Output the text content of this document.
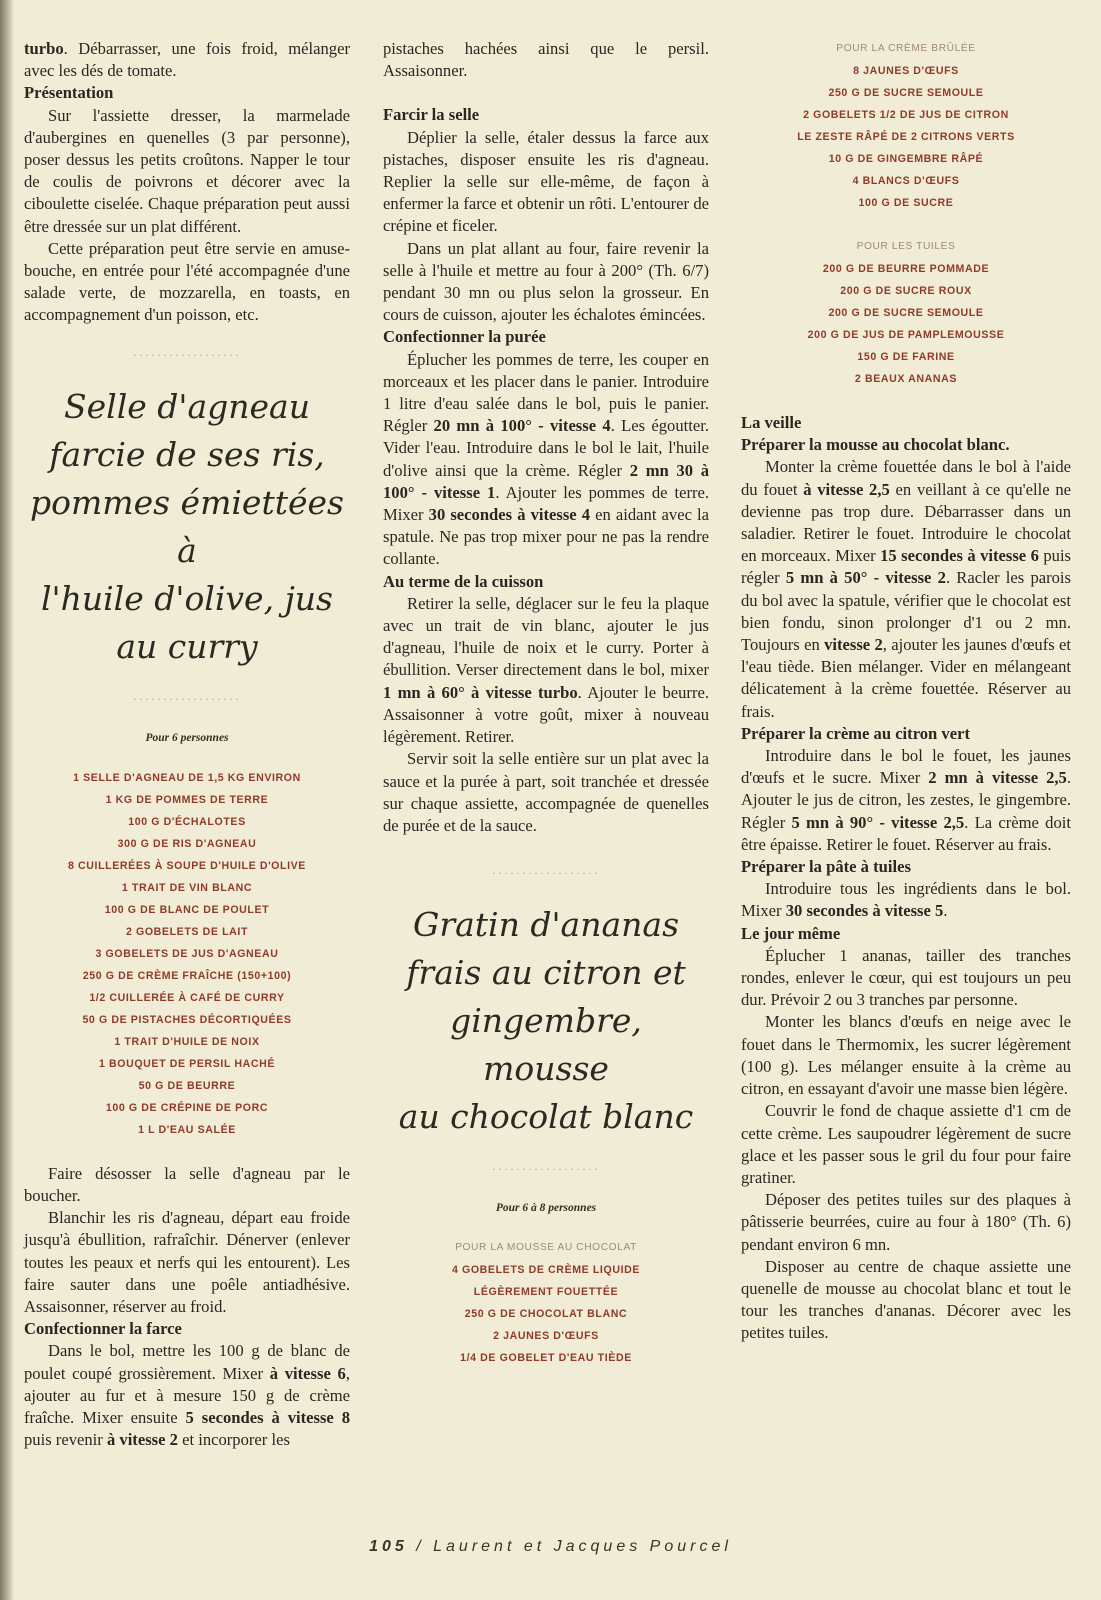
turbo. Débarrasser, une fois froid, mélanger avec les dés de tomate.

Présentation

Sur l'assiette dresser, la marmelade d'aubergines en quenelles (3 par personne), poser dessus les petits croûtons. Napper le tour de coulis de poivrons et décorer avec la ciboulette ciselée. Chaque préparation peut aussi être dressée sur un plat différent.

Cette préparation peut être servie en amuse-bouche, en entrée pour l'été accompagnée d'une salade verte, de mozzarella, en toasts, en accompagnement d'un poisson, etc.

··················
Selle d'agneau
farcie de ses ris,
pommes émiettées à
l'huile d'olive, jus
au curry
··················
Pour 6 personnes
1 SELLE D'AGNEAU DE 1,5 KG ENVIRON
1 KG DE POMMES DE TERRE
100 G D'ÉCHALOTES
300 G DE RIS D'AGNEAU
8 CUILLERÉES À SOUPE D'HUILE D'OLIVE
1 TRAIT DE VIN BLANC
100 G DE BLANC DE POULET
2 GOBELETS DE LAIT
3 GOBELETS DE JUS D'AGNEAU
250 G DE CRÈME FRAÎCHE (150+100)
1/2 CUILLERÉE À CAFÉ DE CURRY
50 G DE PISTACHES DÉCORTIQUÉES
1 TRAIT D'HUILE DE NOIX
1 BOUQUET DE PERSIL HACHÉ
50 G DE BEURRE
100 G DE CRÉPINE DE PORC
1 L D'EAU SALÉE

Faire désosser la selle d'agneau par le boucher.

Blanchir les ris d'agneau, départ eau froide jusqu'à ébullition, rafraîchir. Dénerver (enlever toutes les peaux et nerfs qui les entourent). Les faire sauter dans une poêle antiadhésive. Assaisonner, réserver au froid.

Confectionner la farce

Dans le bol, mettre les 100 g de blanc de poulet coupé grossièrement. Mixer à vitesse 6, ajouter au fur et à mesure 150 g de crème fraîche. Mixer ensuite 5 secondes à vitesse 8 puis revenir à vitesse 2 et incorporer les

pistaches hachées ainsi que le persil. Assaisonner.

Farcir la selle

Déplier la selle, étaler dessus la farce aux pistaches, disposer ensuite les ris d'agneau. Replier la selle sur elle-même, de façon à enfermer la farce et obtenir un rôti. L'entourer de crépine et ficeler.

Dans un plat allant au four, faire revenir la selle à l'huile et mettre au four à 200° (Th. 6/7) pendant 30 mn ou plus selon la grosseur. En cours de cuisson, ajouter les échalotes émincées.

Confectionner la purée

Éplucher les pommes de terre, les couper en morceaux et les placer dans le panier. Introduire 1 litre d'eau salée dans le bol, puis le panier. Régler 20 mn à 100° - vitesse 4. Les égoutter. Vider l'eau. Introduire dans le bol le lait, l'huile d'olive ainsi que la crème. Régler 2 mn 30 à 100° - vitesse 1. Ajouter les pommes de terre. Mixer 30 secondes à vitesse 4 en aidant avec la spatule. Ne pas trop mixer pour ne pas la rendre collante.

Au terme de la cuisson

Retirer la selle, déglacer sur le feu la plaque avec un trait de vin blanc, ajouter le jus d'agneau, l'huile de noix et le curry. Porter à ébullition. Verser directement dans le bol, mixer 1 mn à 60° à vitesse turbo. Ajouter le beurre. Assaisonner à votre goût, mixer à nouveau légèrement. Retirer.

Servir soit la selle entière sur un plat avec la sauce et la purée à part, soit tranchée et dressée sur chaque assiette, accompagnée de quenelles de purée et de la sauce.

··················
Gratin d'ananas
frais au citron et
gingembre, mousse
au chocolat blanc
··················
Pour 6 à 8 personnes
POUR LA MOUSSE AU CHOCOLAT
4 GOBELETS DE CRÈME LIQUIDE
LÉGÈREMENT FOUETTÉE
250 G DE CHOCOLAT BLANC
2 JAUNES D'ŒUFS
1/4 DE GOBELET D'EAU TIÈDE
POUR LA CRÈME BRÛLÉE
8 JAUNES D'ŒUFS
250 G DE SUCRE SEMOULE
2 GOBELETS 1/2 DE JUS DE CITRON
LE ZESTE RÂPÉ DE 2 CITRONS VERTS
10 G DE GINGEMBRE RÂPÉ
4 BLANCS D'ŒUFS
100 G DE SUCRE
POUR LES TUILES
200 G DE BEURRE POMMADE
200 G DE SUCRE ROUX
200 G DE SUCRE SEMOULE
200 G DE JUS DE PAMPLEMOUSSE
150 G DE FARINE
2 BEAUX ANANAS

La veille

Préparer la mousse au chocolat blanc.

Monter la crème fouettée dans le bol à l'aide du fouet à vitesse 2,5 en veillant à ce qu'elle ne devienne pas trop dure. Débarrasser dans un saladier. Retirer le fouet. Introduire le chocolat en morceaux. Mixer 15 secondes à vitesse 6 puis régler 5 mn à 50° - vitesse 2. Racler les parois du bol avec la spatule, vérifier que le chocolat est bien fondu, sinon prolonger d'1 ou 2 mn. Toujours en vitesse 2, ajouter les jaunes d'œufs et l'eau tiède. Bien mélanger. Vider en mélangeant délicatement à la crème fouettée. Réserver au frais.

Préparer la crème au citron vert

Introduire dans le bol le fouet, les jaunes d'œufs et le sucre. Mixer 2 mn à vitesse 2,5. Ajouter le jus de citron, les zestes, le gingembre. Régler 5 mn à 90° - vitesse 2,5. La crème doit être épaisse. Retirer le fouet. Réserver au frais.

Préparer la pâte à tuiles

Introduire tous les ingrédients dans le bol. Mixer 30 secondes à vitesse 5.

Le jour même

Éplucher 1 ananas, tailler des tranches rondes, enlever le cœur, qui est toujours un peu dur. Prévoir 2 ou 3 tranches par personne.

Monter les blancs d'œufs en neige avec le fouet dans le Thermomix, les sucrer légèrement (100 g). Les mélanger ensuite à la crème au citron, en essayant d'avoir une masse bien légère.

Couvrir le fond de chaque assiette d'1 cm de cette crème. Les saupoudrer légèrement de sucre glace et les passer sous le gril du four pour faire gratiner.

Déposer des petites tuiles sur des plaques à pâtisserie beurrées, cuire au four à 180° (Th. 6) pendant environ 6 mn.

Disposer au centre de chaque assiette une quenelle de mousse au chocolat blanc et tout le tour les tranches d'ananas. Décorer avec les petites tuiles.

105 / Laurent et Jacques Pourcel
